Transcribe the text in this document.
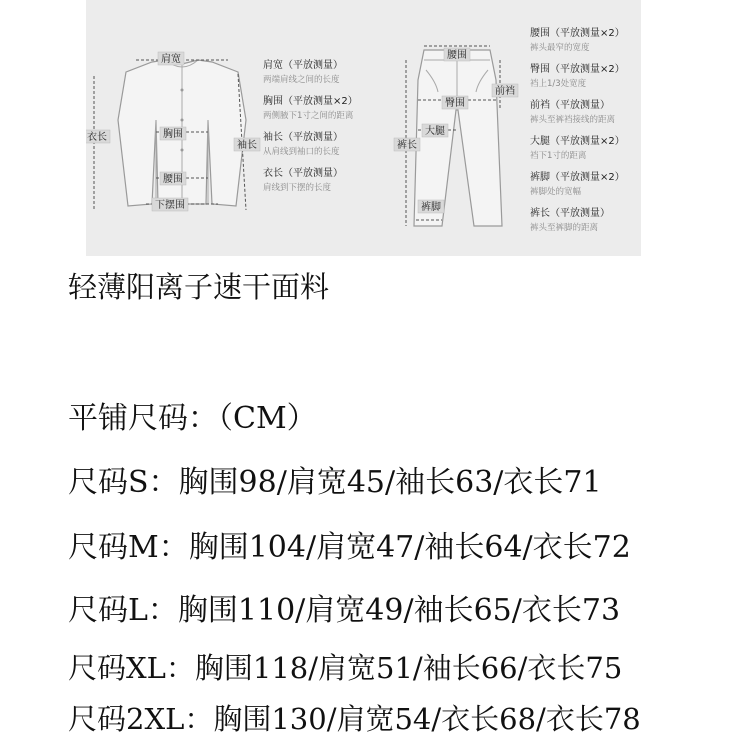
肩宽
衣长	胸围
袖长
腰围
下摆围
肩宽（平放测量）
两端肩线之间的长度
胸围（平放测量×2）
两侧腋下1寸之间的距离
袖长（平放测量）
从肩线到袖口的长度
衣长（平放测量）
肩线到下摆的长度
腰围
臀围
前裆
大腿
裤长
裤脚
腰围（平放测量×2）
裤头最窄的宽度
臀围（平放测量×2）
裆上1/3处宽度
前裆（平放测量）
裤头至裤裆接线的距离
大腿（平放测量×2）
裆下1寸的距离
裤脚（平放测量×2）
裤脚处的宽幅
裤长（平放测量）
裤头至裤脚的距离

轻薄阳离子速干面料

平铺尺码：（CM）

尺码S：胸围98/肩宽45/袖长63/衣长71

尺码M：胸围104/肩宽47/袖长64/衣长72

尺码L：胸围110/肩宽49/袖长65/衣长73

尺码XL：胸围118/肩宽51/袖长66/衣长75

尺码2XL：胸围130/肩宽54/衣长68/衣长78
